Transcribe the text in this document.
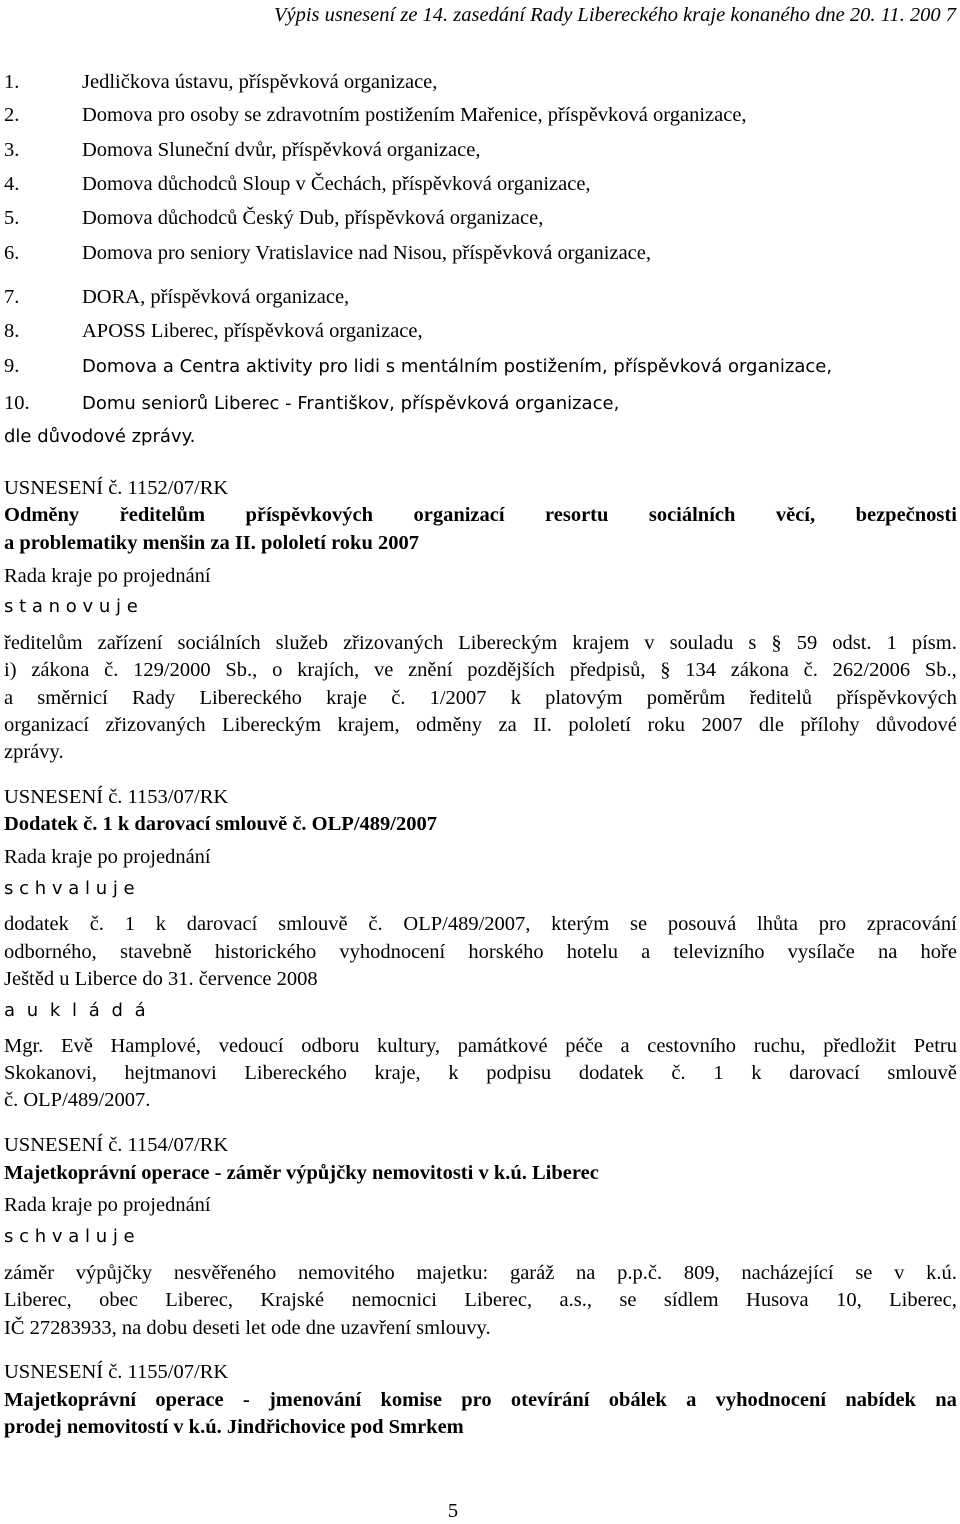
Výpis usnesení ze 14. zasedání Rady Libereckého kraje konaného dne 20. 11. 200 7
1.	Jedličkova ústavu, příspěvková organizace,
2.	Domova pro osoby se zdravotním postižením Mařenice, příspěvková organizace,
3.	Domova Sluneční dvůr, příspěvková organizace,
4.	Domova důchodců Sloup v Čechách, příspěvková organizace,
5.	Domova důchodců Český Dub, příspěvková organizace,
6.	Domova pro seniory Vratislavice nad Nisou, příspěvková organizace,
7.	DORA, příspěvková organizace,
8.	APOSS Liberec, příspěvková organizace,
9.	Domova a Centra aktivity pro lidi s mentálním postižením, příspěvková organizace,
10.	Domu seniorů Liberec - Františkov, příspěvková organizace,
dle důvodové zprávy.
USNESENÍ č. 1152/07/RK
Odměny ředitelům příspěvkových organizací resortu sociálních věcí, bezpečnosti
a problematiky menšin za II. pololetí roku 2007
Rada kraje po projednání
s t a n o v u j e
ředitelům zařízení sociálních služeb zřizovaných Libereckým krajem v souladu s § 59 odst. 1 písm.
i) zákona č. 129/2000 Sb., o krajích, ve znění pozdějších předpisů, § 134 zákona č. 262/2006 Sb.,
a směrnicí Rady Libereckého kraje č. 1/2007 k platovým poměrům ředitelů příspěvkových
organizací zřizovaných Libereckým krajem, odměny za II. pololetí roku 2007 dle přílohy důvodové
zprávy.
USNESENÍ č. 1153/07/RK
Dodatek č. 1 k darovací smlouvě č. OLP/489/2007
Rada kraje po projednání
s c h v a l u j e
dodatek č. 1 k darovací smlouvě č. OLP/489/2007, kterým se posouvá lhůta pro zpracování
odborného, stavebně historického vyhodnocení horského hotelu a televizního vysílače na hoře
Ještěd u Liberce do 31. července 2008
a u k l á d á
Mgr. Evě Hamplové, vedoucí odboru kultury, památkové péče a cestovního ruchu, předložit Petru
Skokanovi, hejtmanovi Libereckého kraje, k podpisu dodatek č. 1 k darovací smlouvě
č. OLP/489/2007.
USNESENÍ č. 1154/07/RK
Majetkoprávní operace - záměr výpůjčky nemovitosti v k.ú. Liberec
Rada kraje po projednání
s c h v a l u j e
záměr výpůjčky nesvěřeného nemovitého majetku: garáž na p.p.č. 809, nacházející se v k.ú.
Liberec, obec Liberec, Krajské nemocnici Liberec, a.s., se sídlem Husova 10, Liberec,
IČ 27283933, na dobu deseti let ode dne uzavření smlouvy.
USNESENÍ č. 1155/07/RK
Majetkoprávní operace - jmenování komise pro otevírání obálek a vyhodnocení nabídek na
prodej nemovitostí v k.ú. Jindřichovice pod Smrkem
5
